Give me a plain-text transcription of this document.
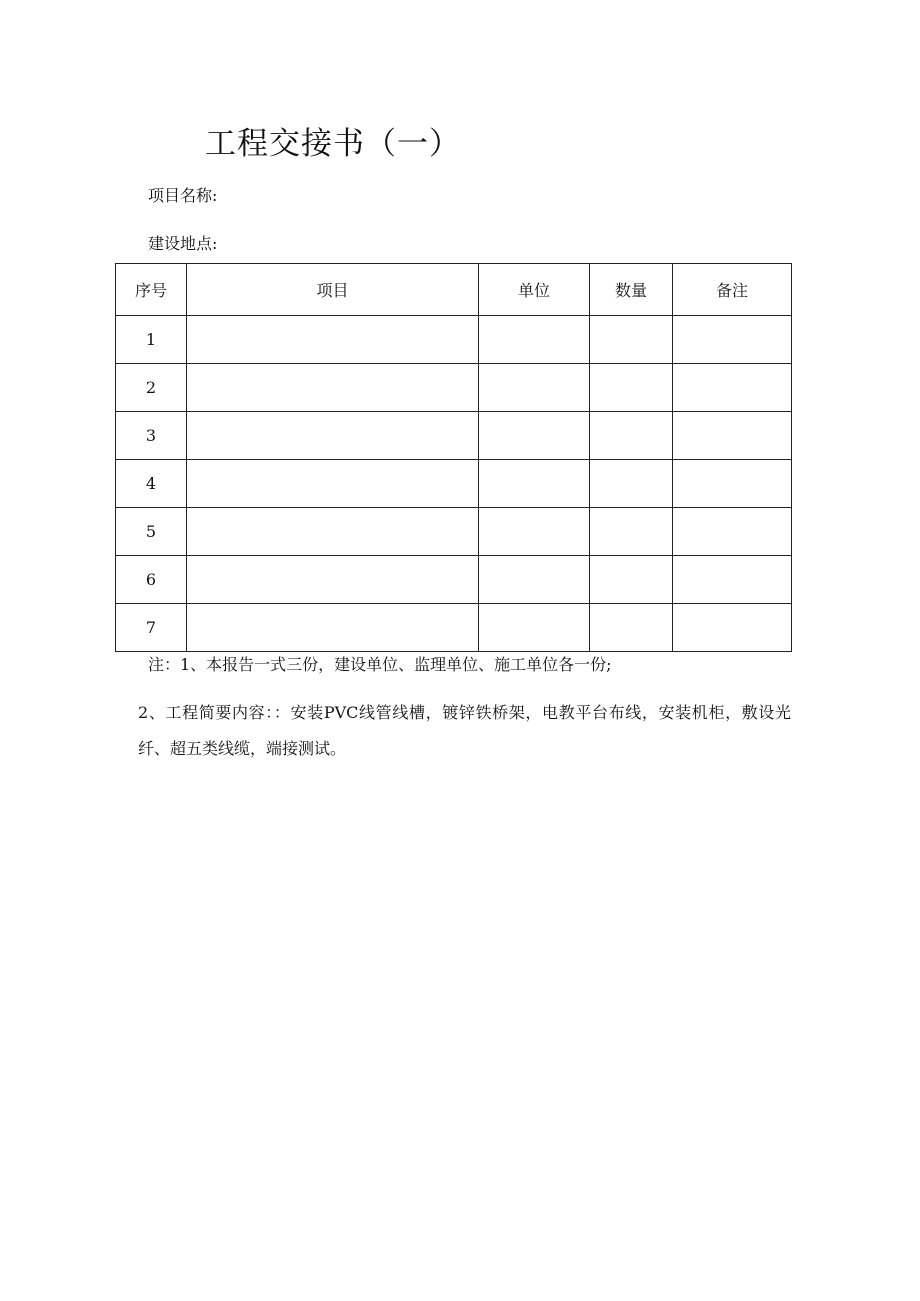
工程交接书（一）
项目名称:
建设地点:
序号	项目	单位	数量	备注
1				
2				
3				
4				
5				
6				
7				
注：1、本报告一式三份，建设单位、监理单位、施工单位各一份;
2、工程简要内容：：安装PVC线管线槽，镀锌铁桥架，电教平台布线，安装机柜，敷设光纤、超五类线缆，端接测试。
